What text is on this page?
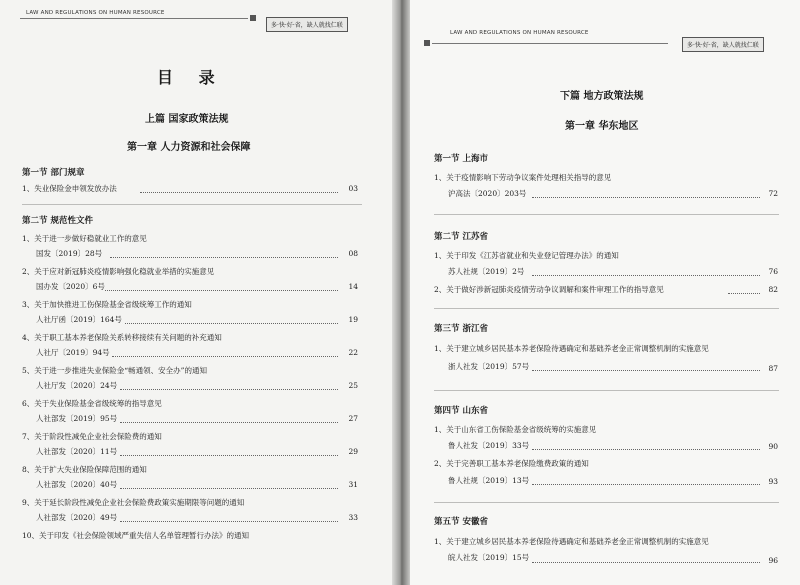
LAW AND REGULATIONS ON HUMAN RESOURCE
多·快·好·省，缺人就找仁联
目 录
上篇 国家政策法规
第一章 人力资源和社会保障
第一节 部门规章
1、失业保险金申领发放办法	03
第二节 规范性文件
1、关于进一步做好稳就业工作的意见
国发〔2019〕28号	08
2、关于应对新冠肺炎疫情影响强化稳就业举措的实施意见
国办发〔2020〕6号	14
3、关于加快推进工伤保险基金省级统筹工作的通知
人社厅函〔2019〕164号	19
4、关于职工基本养老保险关系转移接续有关问题的补充通知
人社厅〔2019〕94号	22
5、关于进一步推进失业保险金“畅通领、安全办”的通知
人社厅发〔2020〕24号	25
6、关于失业保险基金省级统筹的指导意见
人社部发〔2019〕95号	27
7、关于阶段性减免企业社会保险费的通知
人社部发〔2020〕11号	29
8、关于扩大失业保险保障范围的通知
人社部发〔2020〕40号	31
9、关于延长阶段性减免企业社会保险费政策实施期限等问题的通知
人社部发〔2020〕49号	33
10、关于印发《社会保险领域严重失信人名单管理暂行办法》的通知
LAW AND REGULATIONS ON HUMAN RESOURCE
多·快·好·省，缺人就找仁联
下篇 地方政策法规
第一章 华东地区
第一节 上海市
1、关于疫情影响下劳动争议案件处理相关指导的意见
沪高法〔2020〕203号	72
第二节 江苏省
1、关于印发《江苏省就业和失业登记管理办法》的通知
苏人社规〔2019〕2号	76
2、关于做好涉新冠肺炎疫情劳动争议调解和案件审理工作的指导意见	82
第三节 浙江省
1、关于建立城乡居民基本养老保险待遇确定和基础养老金正常调整机制的实施意见
浙人社发〔2019〕57号	87
第四节 山东省
1、关于山东省工伤保险基金省级统筹的实施意见
鲁人社发〔2019〕33号	90
2、关于完善职工基本养老保险缴费政策的通知
鲁人社规〔2019〕13号	93
第五节 安徽省
1、关于建立城乡居民基本养老保险待遇确定和基础养老金正常调整机制的实施意见
皖人社发〔2019〕15号	96
